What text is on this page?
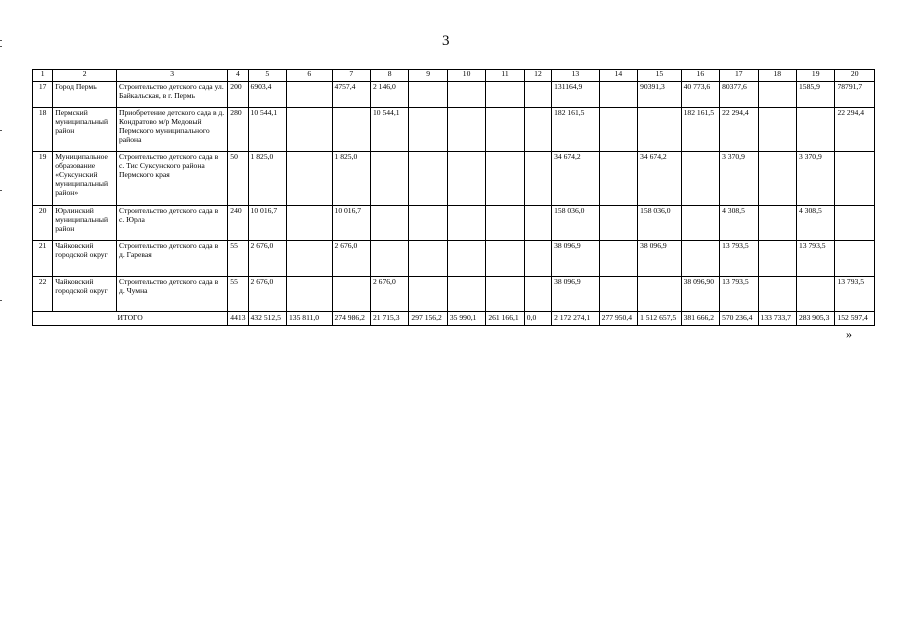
3
1	2	3	4	5	6	7	8	9	10	11	12	13	14	15	16	17	18	19	20
17	Город Пермь	Строительство детского сада ул. Байкальская, в г. Пермь	200	6903,4		4757,4	2 146,0					131164,9		90391,3	40 773,6	80377,6		1585,9	78791,7
18	Пермский муниципальный район	Приобретение детского сада в д. Кондратово м/р Медовый Пермского муниципального района	280	10 544,1			10 544,1					182 161,5			182 161,5	22 294,4			22 294,4
19	Муниципальное образование «Суксунский муниципальный район»	Строительство детского сада в с. Тис Суксунского района Пермского края	50	1 825,0		1 825,0						34 674,2		34 674,2		3 370,9		3 370,9	
20	Юрлинский муниципальный район	Строительство детского сада в с. Юрла	240	10 016,7		10 016,7						158 036,0		158 036,0		4 308,5		4 308,5	
21	Чайковский городской округ	Строительство детского сада в д. Гаревая	55	2 676,0		2 676,0						38 096,9		38 096,9		13 793,5		13 793,5	
22	Чайковский городской округ	Строительство детского сада в д. Чумна	55	2 676,0			2 676,0					38 096,9			38 096,90	13 793,5			13 793,5
ИТОГО			4413	432 512,5	135 811,0	274 986,2	21 715,3	297 156,2	35 990,1	261 166,1	0,0	2 172 274,1	277 950,4	1 512 657,5	381 666,2	570 236,4	133 733,7	283 905,3	152 597,4
»
